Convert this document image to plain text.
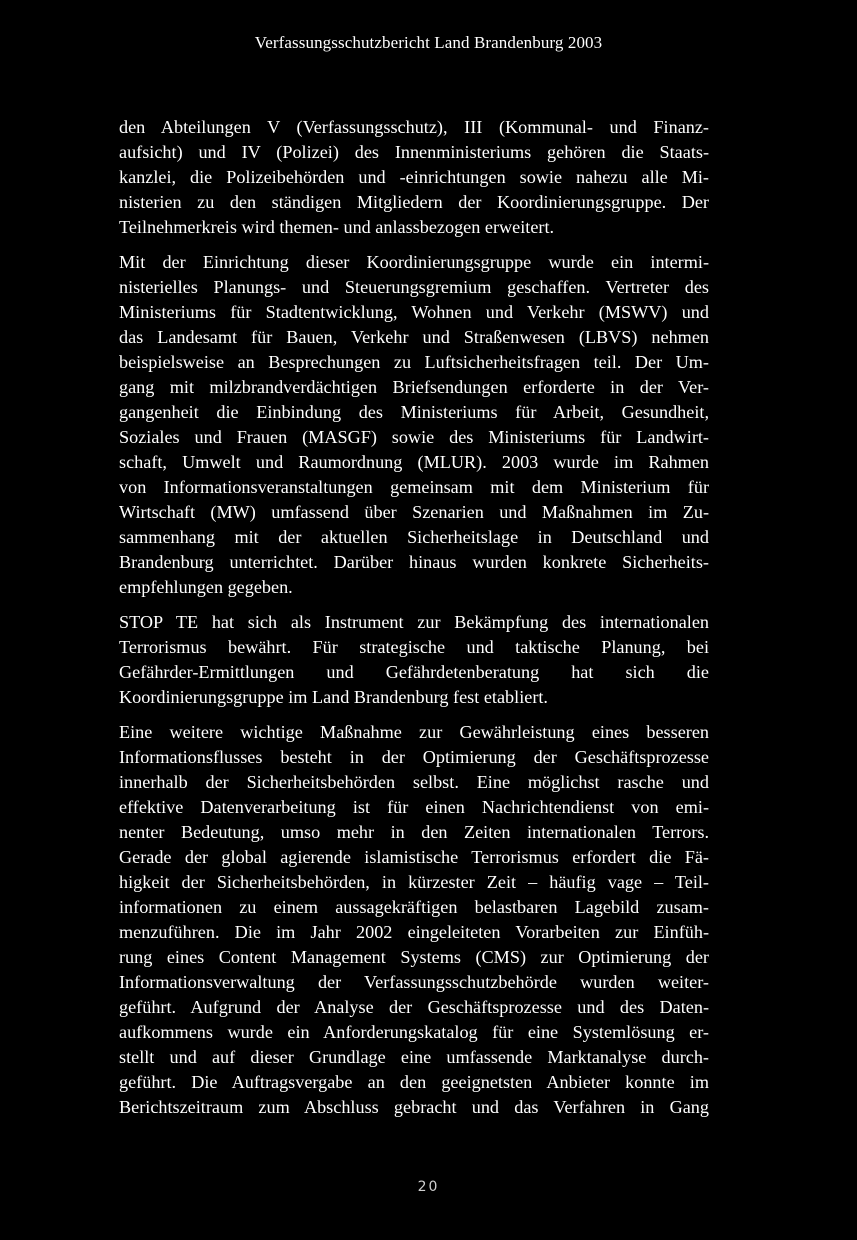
Verfassungsschutzbericht Land Brandenburg 2003
den Abteilungen V (Verfassungsschutz), III (Kommunal- und Finanz-
aufsicht) und IV (Polizei) des Innenministeriums gehören die Staats-
kanzlei, die Polizeibehörden und -einrichtungen sowie nahezu alle Mi-
nisterien zu den ständigen Mitgliedern der Koordinierungsgruppe. Der
Teilnehmerkreis wird themen- und anlassbezogen erweitert.
Mit der Einrichtung dieser Koordinierungsgruppe wurde ein intermi-
nisterielles Planungs- und Steuerungsgremium geschaffen. Vertreter des
Ministeriums für Stadtentwicklung, Wohnen und Verkehr (MSWV) und
das Landesamt für Bauen, Verkehr und Straßenwesen (LBVS) nehmen
beispielsweise an Besprechungen zu Luftsicherheitsfragen teil. Der Um-
gang mit milzbrandverdächtigen Briefsendungen erforderte in der Ver-
gangenheit die Einbindung des Ministeriums für Arbeit, Gesundheit,
Soziales und Frauen (MASGF) sowie des Ministeriums für Landwirt-
schaft, Umwelt und Raumordnung (MLUR). 2003 wurde im Rahmen
von Informationsveranstaltungen gemeinsam mit dem Ministerium für
Wirtschaft (MW) umfassend über Szenarien und Maßnahmen im Zu-
sammenhang mit der aktuellen Sicherheitslage in Deutschland und
Brandenburg unterrichtet. Darüber hinaus wurden konkrete Sicherheits-
empfehlungen gegeben.
STOP TE hat sich als Instrument zur Bekämpfung des internationalen
Terrorismus bewährt. Für strategische und taktische Planung, bei
Gefährder-Ermittlungen und Gefährdetenberatung hat sich die
Koordinierungsgruppe im Land Brandenburg fest etabliert.
Eine weitere wichtige Maßnahme zur Gewährleistung eines besseren
Informationsflusses besteht in der Optimierung der Geschäftsprozesse
innerhalb der Sicherheitsbehörden selbst. Eine möglichst rasche und
effektive Datenverarbeitung ist für einen Nachrichtendienst von emi-
nenter Bedeutung, umso mehr in den Zeiten internationalen Terrors.
Gerade der global agierende islamistische Terrorismus erfordert die Fä-
higkeit der Sicherheitsbehörden, in kürzester Zeit – häufig vage – Teil-
informationen zu einem aussagekräftigen belastbaren Lagebild zusam-
menzuführen. Die im Jahr 2002 eingeleiteten Vorarbeiten zur Einfüh-
rung eines Content Management Systems (CMS) zur Optimierung der
Informationsverwaltung der Verfassungsschutzbehörde wurden weiter-
geführt. Aufgrund der Analyse der Geschäftsprozesse und des Daten-
aufkommens wurde ein Anforderungskatalog für eine Systemlösung er-
stellt und auf dieser Grundlage eine umfassende Marktanalyse durch-
geführt. Die Auftragsvergabe an den geeignetsten Anbieter konnte im
Berichtszeitraum zum Abschluss gebracht und das Verfahren in Gang
20
